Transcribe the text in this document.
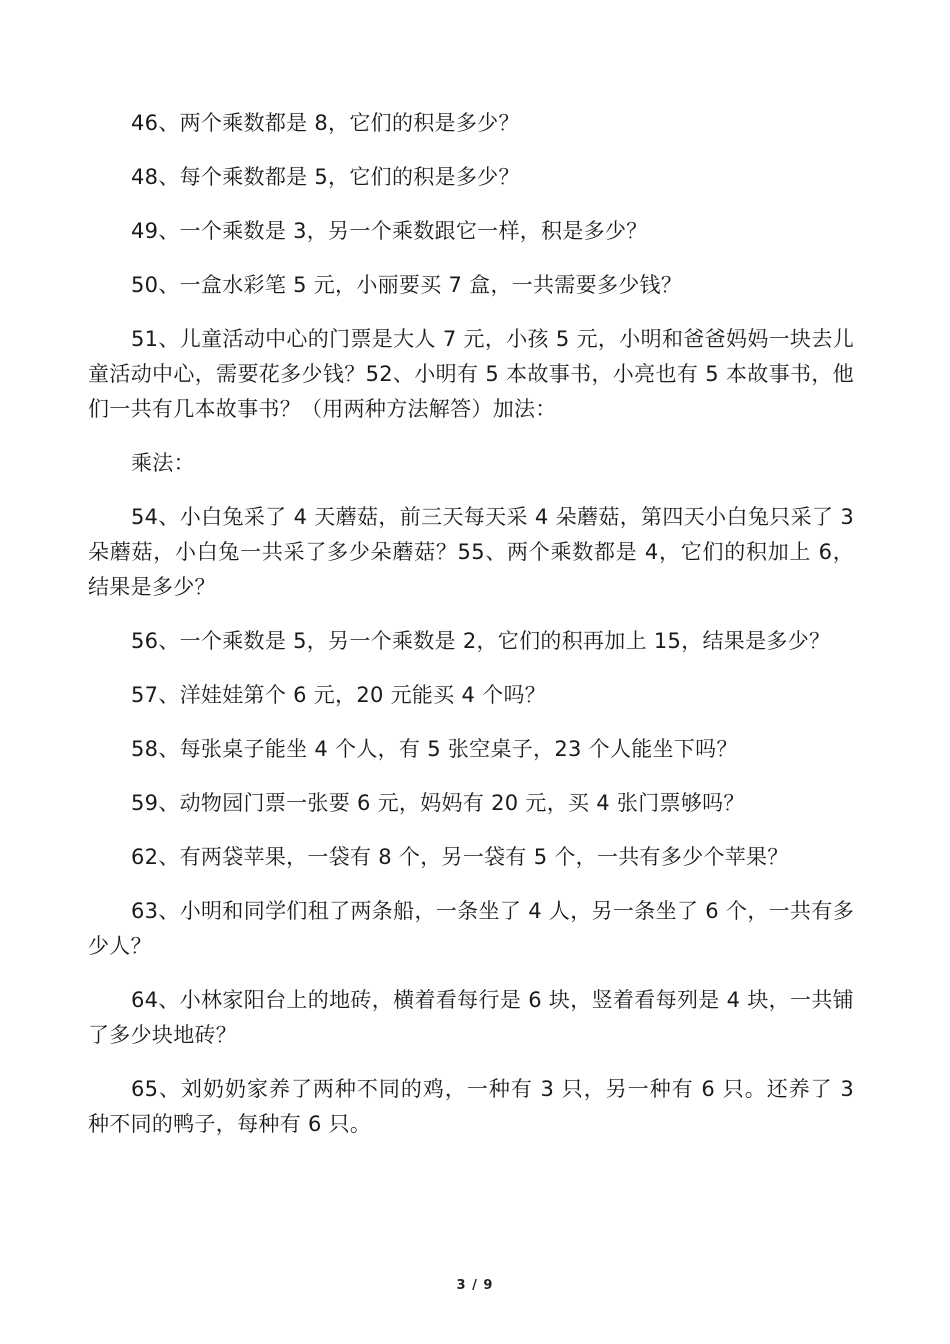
46、两个乘数都是 8，它们的积是多少？

48、每个乘数都是 5，它们的积是多少？

49、一个乘数是 3，另一个乘数跟它一样，积是多少？

50、一盒水彩笔 5 元，小丽要买 7 盒，一共需要多少钱？

51、儿童活动中心的门票是大人 7 元，小孩 5 元，小明和爸爸妈妈一块去儿童活动中心，需要花多少钱？52、小明有 5 本故事书，小亮也有 5 本故事书，他们一共有几本故事书？（用两种方法解答）加法：

乘法：

54、小白兔采了 4 天蘑菇，前三天每天采 4 朵蘑菇，第四天小白兔只采了 3 朵蘑菇，小白兔一共采了多少朵蘑菇？55、两个乘数都是 4，它们的积加上 6，结果是多少？

56、一个乘数是 5，另一个乘数是 2，它们的积再加上 15，结果是多少？

57、洋娃娃第个 6 元，20 元能买 4 个吗？

58、每张桌子能坐 4 个人，有 5 张空桌子，23 个人能坐下吗？

59、动物园门票一张要 6 元，妈妈有 20 元，买 4 张门票够吗？

62、有两袋苹果，一袋有 8 个，另一袋有 5 个，一共有多少个苹果？

63、小明和同学们租了两条船，一条坐了 4 人，另一条坐了 6 个，一共有多少人？

64、小林家阳台上的地砖，横着看每行是 6 块，竖着看每列是 4 块，一共铺了多少块地砖？

65、刘奶奶家养了两种不同的鸡，一种有 3 只，另一种有 6 只。还养了 3 种不同的鸭子，每种有 6 只。

3 / 9
